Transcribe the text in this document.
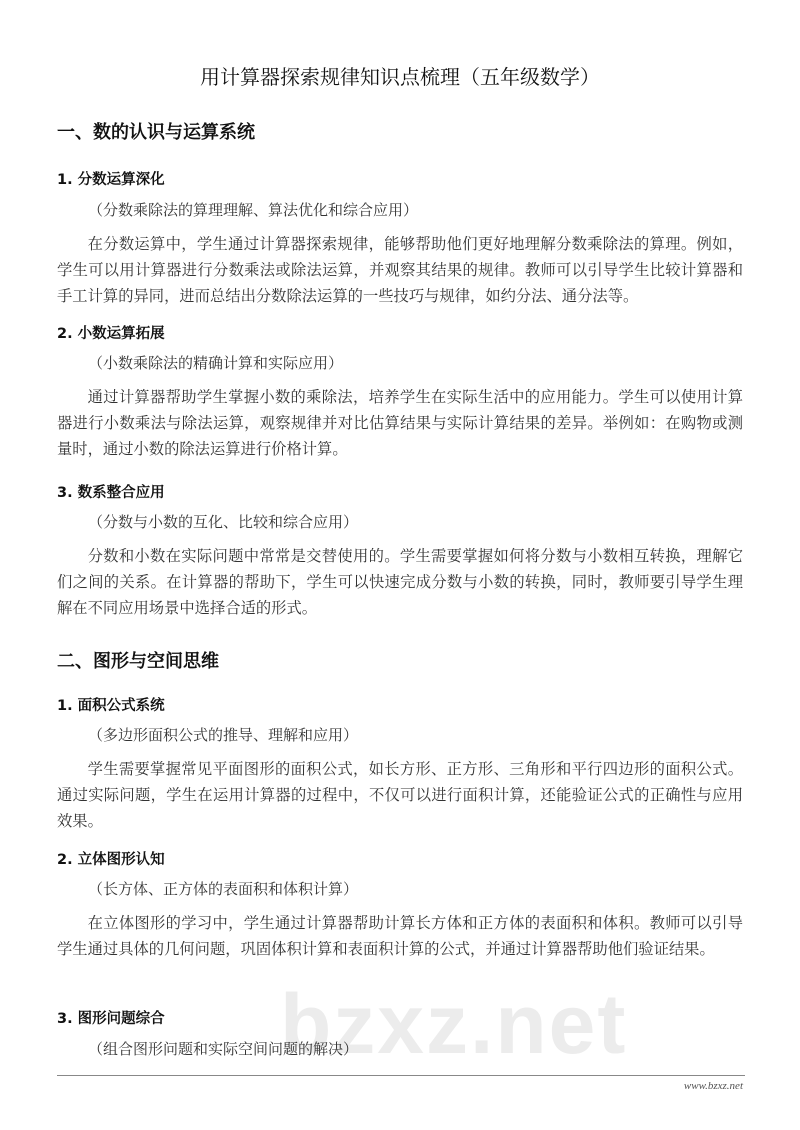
bzxz.net
用计算器探索规律知识点梳理（五年级数学）
一、数的认识与运算系统
1. 分数运算深化
（分数乘除法的算理理解、算法优化和综合应用）
在分数运算中，学生通过计算器探索规律，能够帮助他们更好地理解分数乘除法的算理。例如，学生可以用计算器进行分数乘法或除法运算，并观察其结果的规律。教师可以引导学生比较计算器和手工计算的异同，进而总结出分数除法运算的一些技巧与规律，如约分法、通分法等。
2. 小数运算拓展
（小数乘除法的精确计算和实际应用）
通过计算器帮助学生掌握小数的乘除法，培养学生在实际生活中的应用能力。学生可以使用计算器进行小数乘法与除法运算，观察规律并对比估算结果与实际计算结果的差异。举例如：在购物或测量时，通过小数的除法运算进行价格计算。
3. 数系整合应用
（分数与小数的互化、比较和综合应用）
分数和小数在实际问题中常常是交替使用的。学生需要掌握如何将分数与小数相互转换，理解它们之间的关系。在计算器的帮助下，学生可以快速完成分数与小数的转换，同时，教师要引导学生理解在不同应用场景中选择合适的形式。
二、图形与空间思维
1. 面积公式系统
（多边形面积公式的推导、理解和应用）
学生需要掌握常见平面图形的面积公式，如长方形、正方形、三角形和平行四边形的面积公式。通过实际问题，学生在运用计算器的过程中，不仅可以进行面积计算，还能验证公式的正确性与应用效果。
2. 立体图形认知
（长方体、正方体的表面积和体积计算）
在立体图形的学习中，学生通过计算器帮助计算长方体和正方体的表面积和体积。教师可以引导学生通过具体的几何问题，巩固体积计算和表面积计算的公式，并通过计算器帮助他们验证结果。
3. 图形问题综合
（组合图形问题和实际空间问题的解决）
www.bzxz.net
